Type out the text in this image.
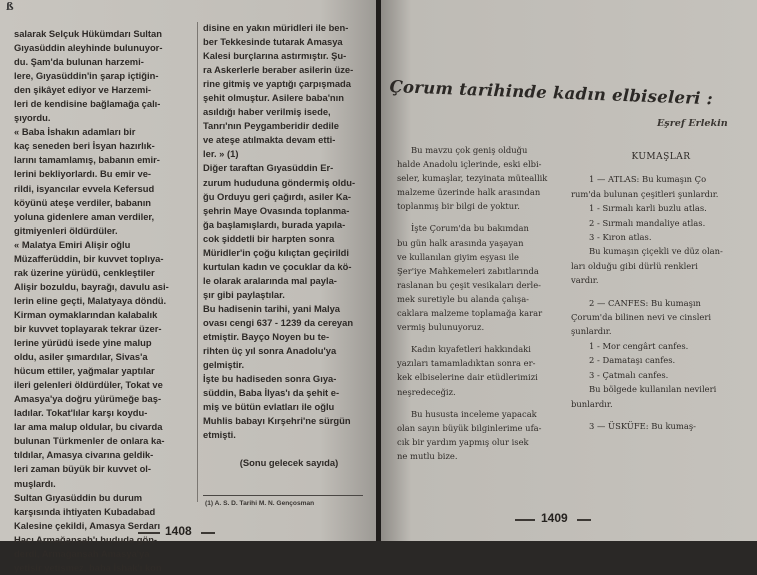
ß
salarak Selçuk Hükümdarı Sultan
Gıyasüddin aleyhinde bulunuyor-
du. Şam'da bulunan harzemi-
lere, Gıyasüddin'in şarap içtiğin-
den şikâyet ediyor ve Harzemi-
leri de kendisine bağlamağa çalı-
şıyordu.
« Baba İshakın adamları bir
kaç seneden beri İsyan hazırlık-
larını tamamlamış, babanın emir-
lerini bekliyorlardı. Bu emir ve-
rildi, isyancılar evvela Kefersud
köyünü ateşe verdiler, babanın
yoluna gidenlere aman verdiler,
gitmiyenleri öldürdüler.
« Malatya Emiri Alişir oğlu
Müzafferüddin, bir kuvvet toplıya-
rak üzerine yürüdü, cenkleştiler
Alişir bozuldu, bayrağı, davulu asi-
lerin eline geçti, Malatyaya döndü.
Kirman oymaklarından kalabalık
bir kuvvet toplayarak tekrar üzer-
lerine yürüdü isede yine malup
oldu, asiler şımardılar, Sivas'a
hücum ettiler, yağmalar yaptılar
ileri gelenleri öldürdüler, Tokat ve
Amasya'ya doğru yürümeğe baş-
ladılar. Tokat'lılar karşı koydu-
lar ama malup oldular, bu civarda
bulunan Türkmenler de onlara ka-
tıldılar, Amasya civarına geldik-
leri zaman büyük bir kuvvet ol-
muşlardı.
Sultan Gıyasüddin bu durum
karşısında ihtiyaten Kubadabad
Kalesine çekildi, Amasya Serdarı
Hacı Armağanşah'ı hududa gön-
derdi, Armağanşah Amasya'ya
yetişir yetişmez, baba İshak'ı kon
disine en yakın müridleri ile ben-
ber Tekkesinde tutarak Amasya
Kalesi burçlarına astırmıştır. Şu-
ra Askerlerle beraber asilerin üze-
rine gitmiş ve yaptığı çarpışmada
şehit olmuştur. Asilere baba'nın
asıldığı haber verilmiş isede,
Tanrı'nın Peygamberidir dedile
ve ateşe atılmakta devam etti-
ler. » (1)
Diğer taraftan Gıyasüddin Er-
zurum hududuna göndermiş oldu-
ğu Orduyu geri çağırdı, asiler Ka-
şehrin Maye Ovasında toplanma-
ğa başlamışlardı, burada yapıla-
cok şiddetli bir harpten sonra
Müridler'in çoğu kılıçtan geçirildi
kurtulan kadın ve çocuklar da kö-
le olarak aralarında mal payla-
şır gibi paylaştılar.
Bu hadisenin tarihi, yani Malya
ovası cengi 637 - 1239 da cereyan
etmiştir. Bayço Noyen bu te-
rihten üç yıl sonra Anadolu'ya
gelmiştir.
İşte bu hadiseden sonra Gıya-
süddin, Baba İlyas'ı da şehit e-
miş ve bütün evlatları ile oğlu
Muhlis babayı Kırşehri'ne sürgün
etmişti.

(Sonu gelecek sayıda)
(1) A. S. D. Tarihi M. N. Gençosman
1408
Çorum tarihinde kadın elbiseleri :
Eşref Erlekin

Bu mavzu çok geniş olduğu
halde Anadolu içlerinde, eski elbi-
seler, kumaşlar, tezyinata müteallik
malzeme üzerinde halk arasından
toplanmış bir bilgi de yoktur.

İşte Çorum'da bu bakımdan
bu gün halk arasında yaşayan
ve kullanılan giyim eşyası ile
Şer'iye Mahkemeleri zabıtlarında
raslanan bu çeşit vesikaları derle-
mek suretiyle bu alanda çalışa-
caklara malzeme toplamağa karar
vermiş bulunuyoruz.

Kadın kıyafetleri hakkındaki
yazıları tamamladıktan sonra er-
kek elbiselerine dair etüdlerimizi
neşredeceğiz.

Bu hususta inceleme yapacak
olan sayın büyük bilginlerime ufa-
cık bir yardım yapmış olur isek
ne mutlu bize.

KUMAŞLAR
1 — ATLAS: Bu kumaşın Ço
rum'da bulunan çeşitleri şunlardır.
1 - Sırmalı karli buzlu atlas.
2 - Sırmalı mandaliye atlas.
3 - Kıron atlas.
Bu kumaşın çiçekli ve düz olan-
ları olduğu gibi dürlü renkleri
vardır.
2 — CANFES: Bu kumaşın
Çorum'da bilinen nevi ve cinsleri
şunlardır.
1 - Mor cengârt canfes.
2 - Damataşı canfes.
3 - Çatmalı canfes.
Bu bölgede kullanılan nevileri
bunlardır.
3 — ÜSKÜFE: Bu kumaş-
1409
